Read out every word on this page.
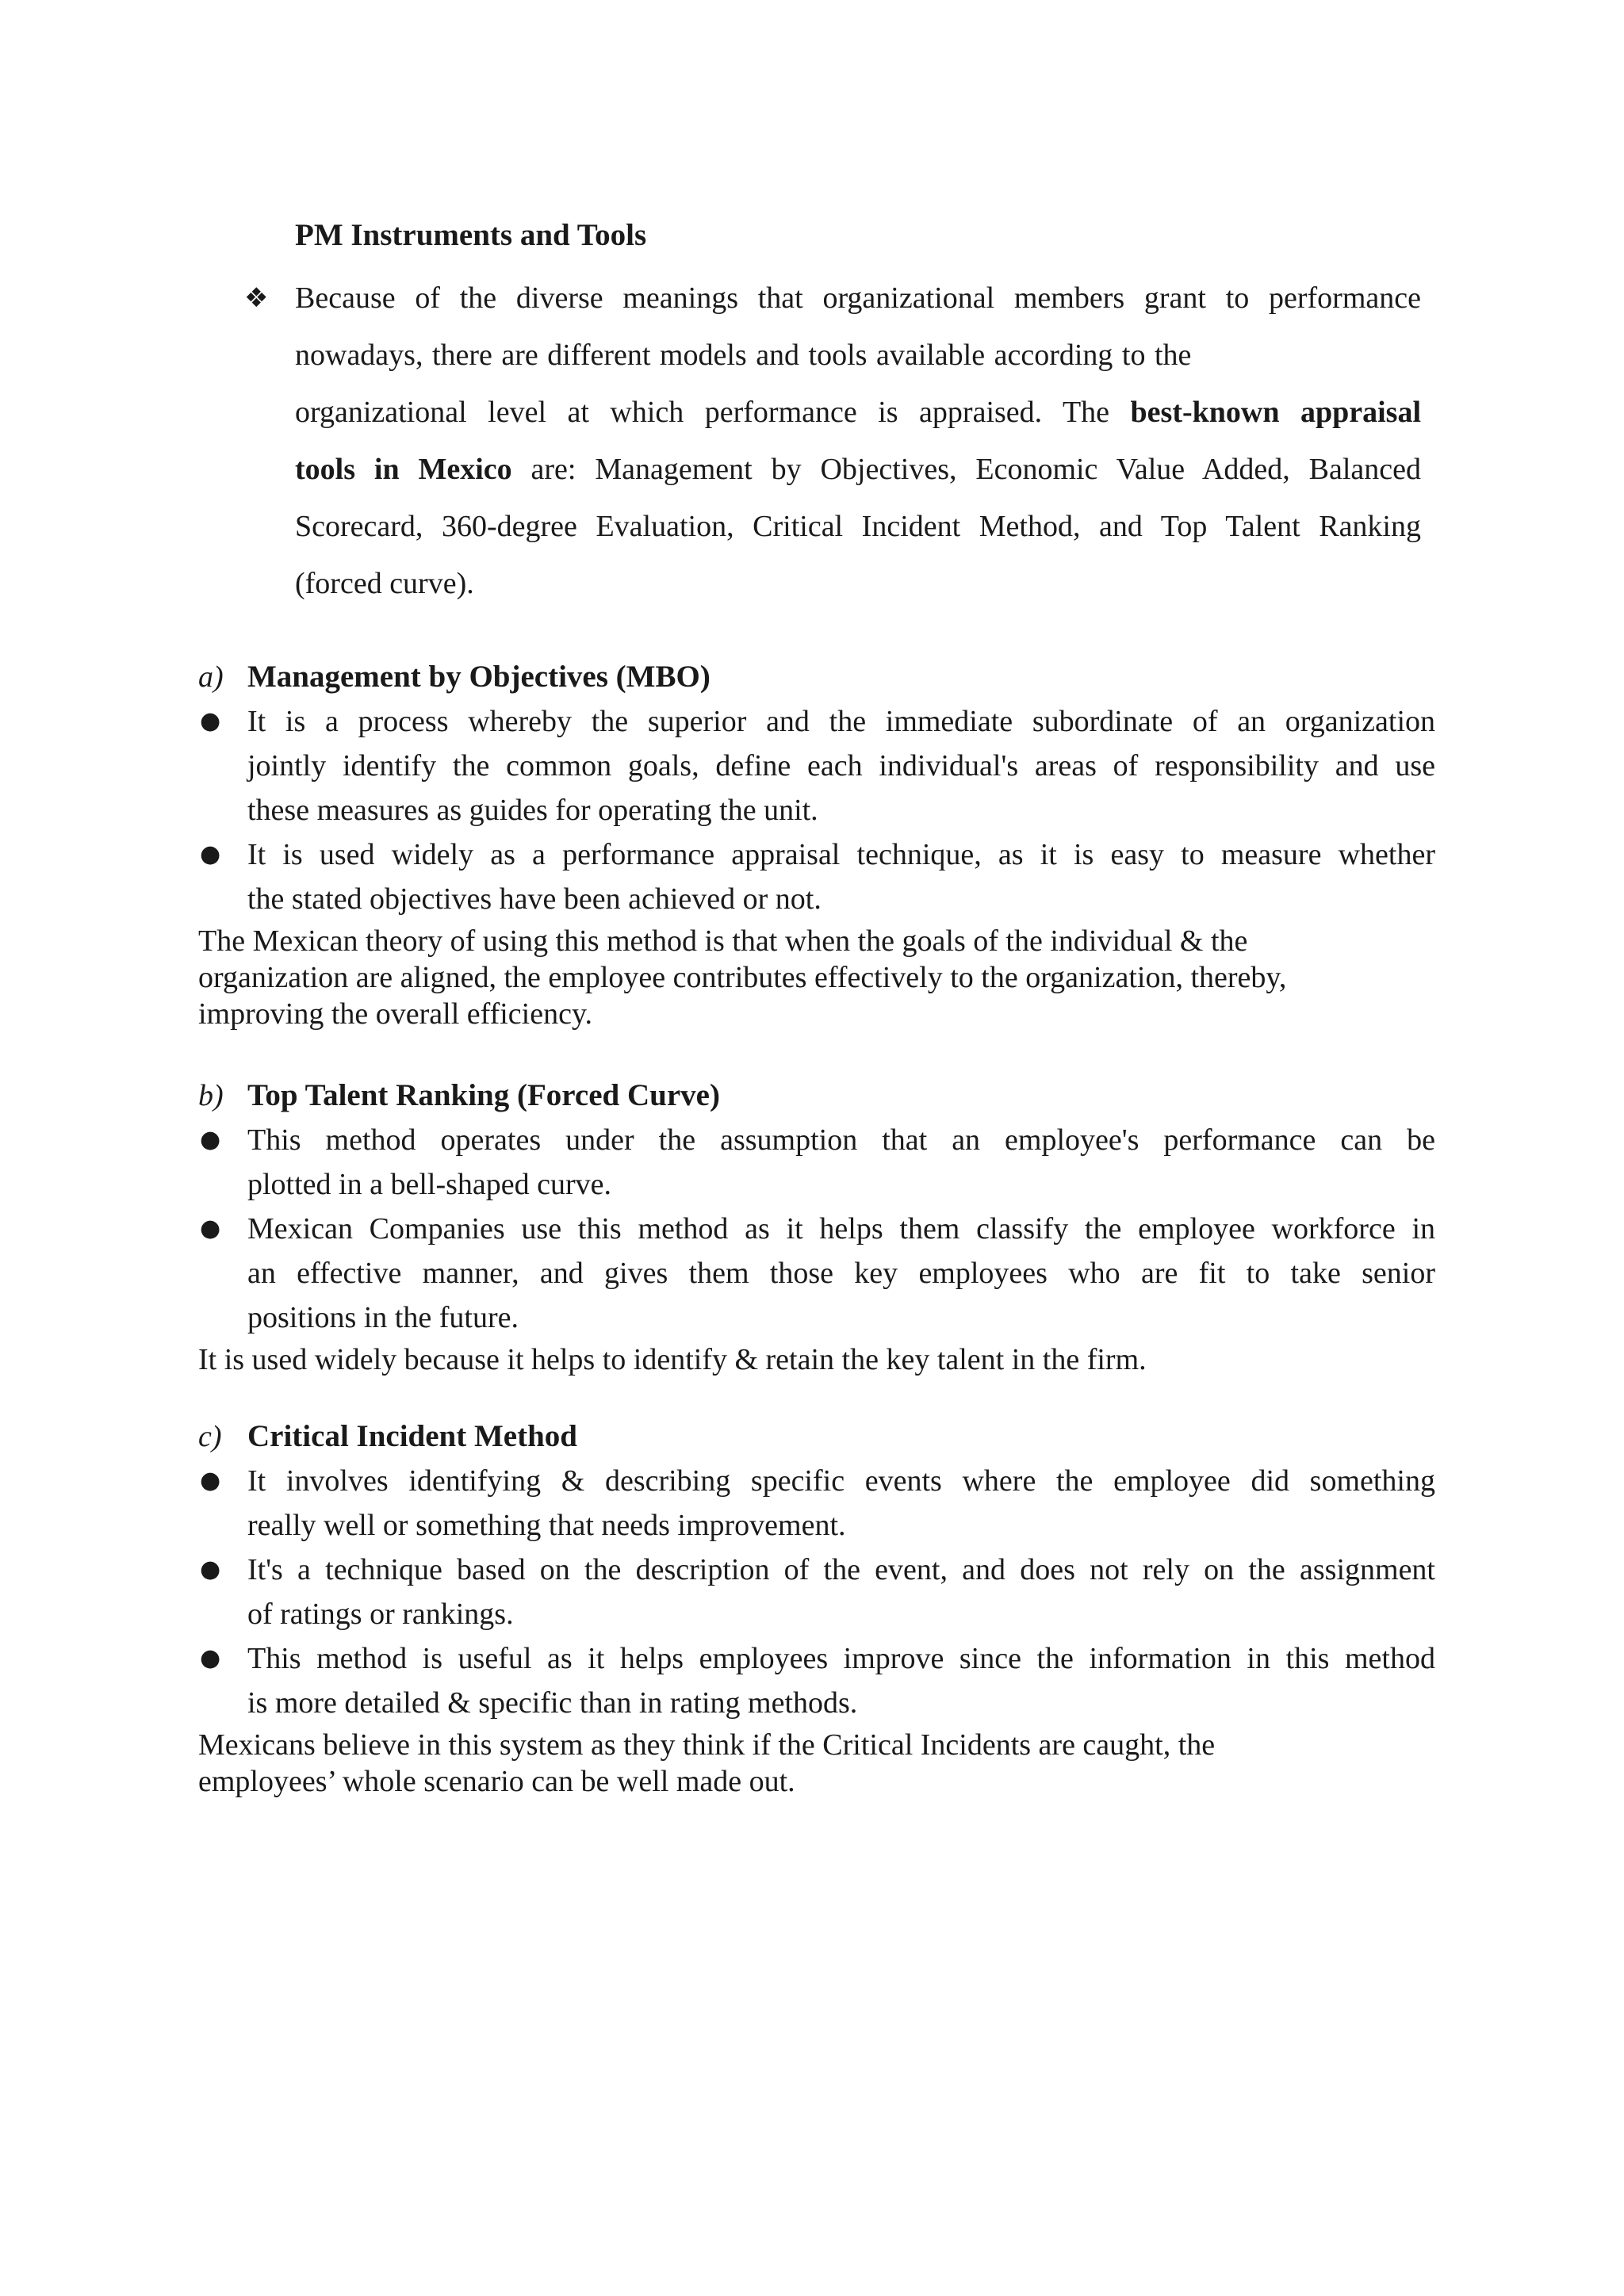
PM Instruments and Tools
❖ Because of the diverse meanings that organizational members grant to performance
nowadays, there are different models and tools available according to the
organizational level at which performance is appraised. The best-known appraisal
tools in Mexico are: Management by Objectives, Economic Value Added, Balanced
Scorecard, 360-degree Evaluation, Critical Incident Method, and Top Talent Ranking
(forced curve).
a) Management by Objectives (MBO)
● It is a process whereby the superior and the immediate subordinate of an organization
jointly identify the common goals, define each individual's areas of responsibility and use
these measures as guides for operating the unit.
● It is used widely as a performance appraisal technique, as it is easy to measure whether
the stated objectives have been achieved or not.
The Mexican theory of using this method is that when the goals of the individual & the
organization are aligned, the employee contributes effectively to the organization, thereby,
improving the overall efficiency.
b) Top Talent Ranking (Forced Curve)
● This method operates under the assumption that an employee's performance can be
plotted in a bell-shaped curve.
● Mexican Companies use this method as it helps them classify the employee workforce in
an effective manner, and gives them those key employees who are fit to take senior
positions in the future.
It is used widely because it helps to identify & retain the key talent in the firm.
c) Critical Incident Method
● It involves identifying & describing specific events where the employee did something
really well or something that needs improvement.
● It's a technique based on the description of the event, and does not rely on the assignment
of ratings or rankings.
● This method is useful as it helps employees improve since the information in this method
is more detailed & specific than in rating methods.
Mexicans believe in this system as they think if the Critical Incidents are caught, the
employees’ whole scenario can be well made out.
